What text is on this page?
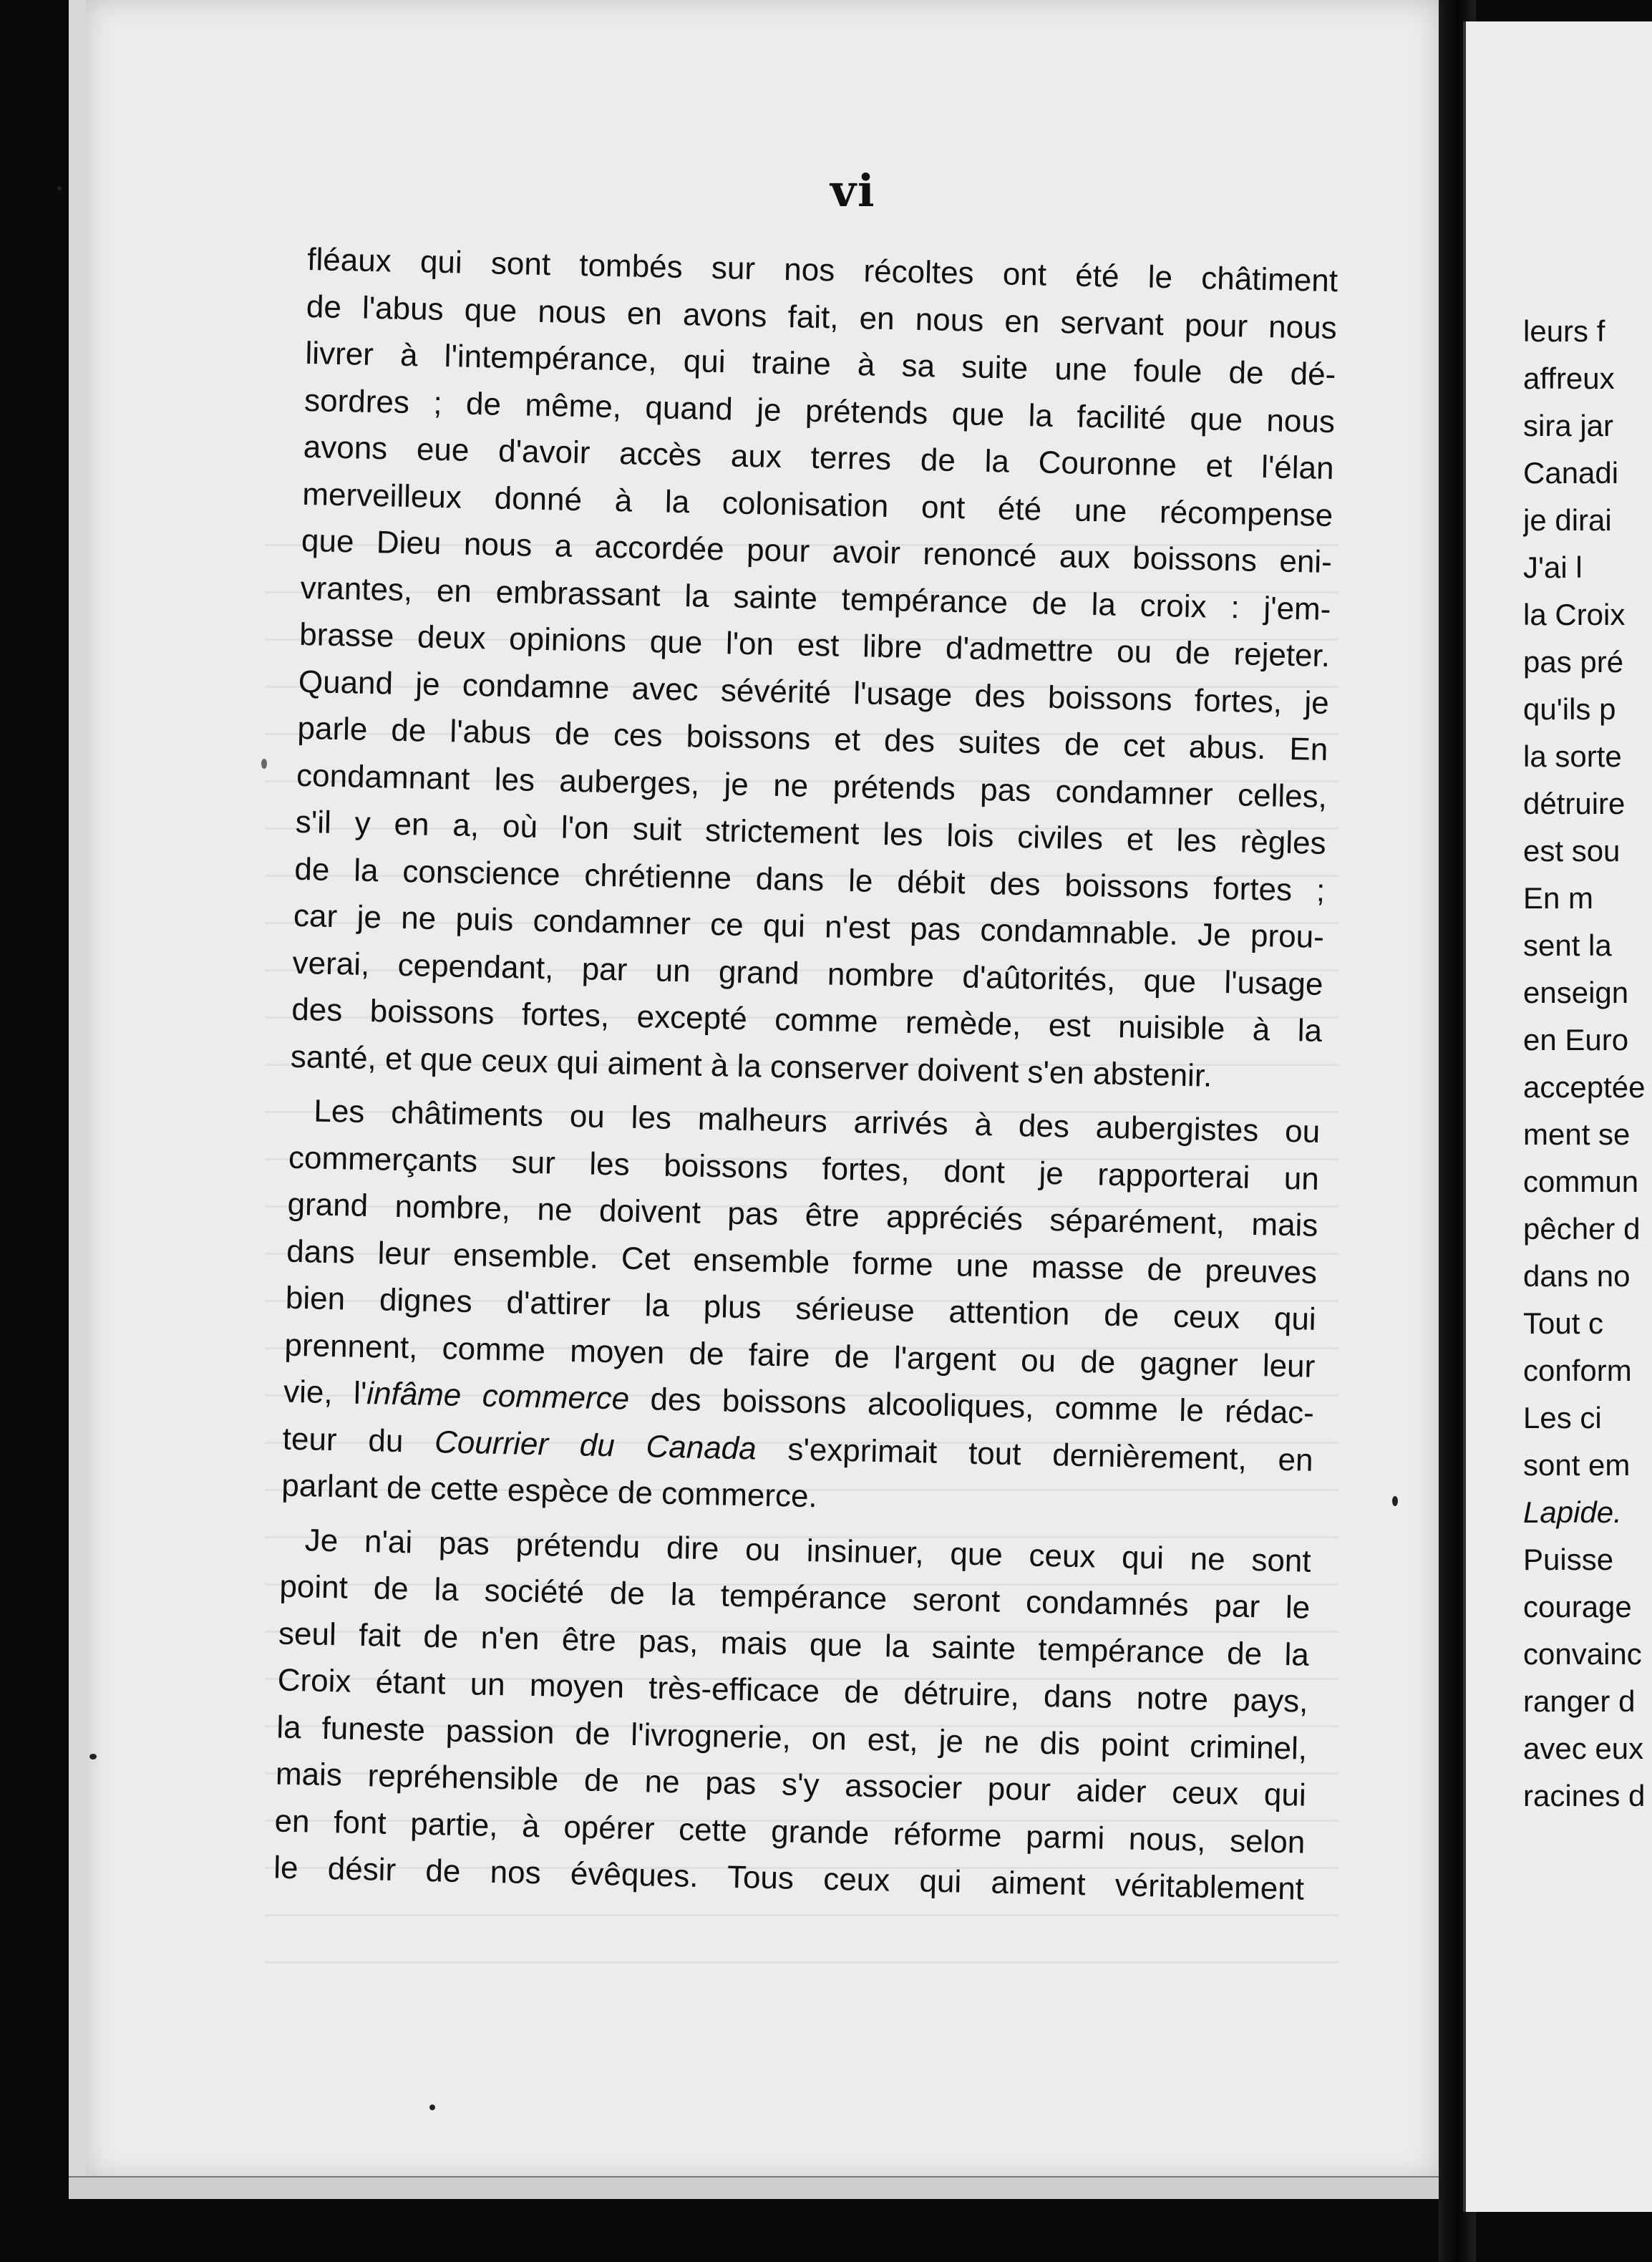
vi
fléaux qui sont tombés sur nos récoltes ont été le châtiment
de l'abus que nous en avons fait, en nous en servant pour nous
livrer à l'intempérance, qui traine à sa suite une foule de dé-
sordres ; de même, quand je prétends que la facilité que nous
avons eue d'avoir accès aux terres de la Couronne et l'élan
merveilleux donné à la colonisation ont été une récompense
que Dieu nous a accordée pour avoir renoncé aux boissons eni-
vrantes, en embrassant la sainte tempérance de la croix : j'em-
brasse deux opinions que l'on est libre d'admettre ou de rejeter.
Quand je condamne avec sévérité l'usage des boissons fortes, je
parle de l'abus de ces boissons et des suites de cet abus. En
condamnant les auberges, je ne prétends pas condamner celles,
s'il y en a, où l'on suit strictement les lois civiles et les règles
de la conscience chrétienne dans le débit des boissons fortes ;
car je ne puis condamner ce qui n'est pas condamnable. Je prou-
verai, cependant, par un grand nombre d'aûtorités, que l'usage
des boissons fortes, excepté comme remède, est nuisible à la
santé, et que ceux qui aiment à la conserver doivent s'en abstenir.
Les châtiments ou les malheurs arrivés à des aubergistes ou
commerçants sur les boissons fortes, dont je rapporterai un
grand nombre, ne doivent pas être appréciés séparément, mais
dans leur ensemble. Cet ensemble forme une masse de preuves
bien dignes d'attirer la plus sérieuse attention de ceux qui
prennent, comme moyen de faire de l'argent ou de gagner leur
vie, l'infâme commerce des boissons alcooliques, comme le rédac-
teur du Courrier du Canada s'exprimait tout dernièrement, en
parlant de cette espèce de commerce.
Je n'ai pas prétendu dire ou insinuer, que ceux qui ne sont
point de la société de la tempérance seront condamnés par le
seul fait de n'en être pas, mais que la sainte tempérance de la
Croix étant un moyen très-efficace de détruire, dans notre pays,
la funeste passion de l'ivrognerie, on est, je ne dis point criminel,
mais repréhensible de ne pas s'y associer pour aider ceux qui
en font partie, à opérer cette grande réforme parmi nous, selon
le désir de nos évêques. Tous ceux qui aiment véritablement
leurs f
affreux
sira jar
Canadi
je dirai
J'ai l
la Croix
pas pré
qu'ils p
la sorte
détruire
est sou
En m
sent la
enseign
en Euro
acceptée
ment se
commun
pêcher d
dans no
Tout c
conform
Les ci
sont em
Lapide.
Puisse
courage
convainc
ranger d
avec eux
racines d
